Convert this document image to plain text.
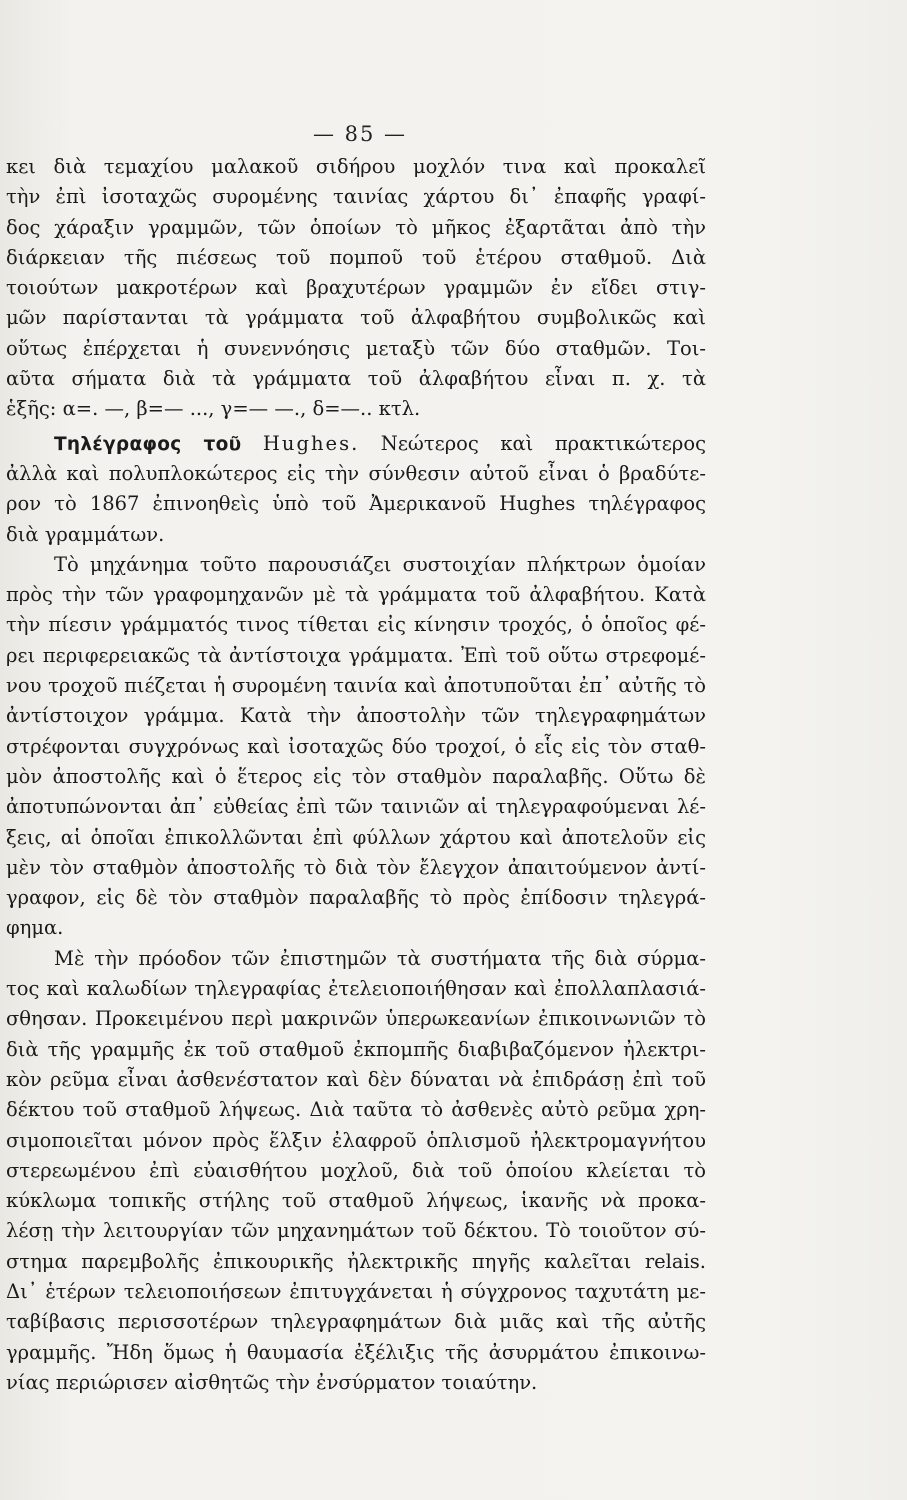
— 85 —
κει διὰ τεμαχίου μαλακοῦ σιδήρου μοχλόν τινα καὶ προκαλεῖ
τὴν ἐπὶ ἰσοταχῶς συρομένης ταινίας χάρτου δι᾽ ἐπαφῆς γραφί-
δος χάραξιν γραμμῶν, τῶν ὁποίων τὸ μῆκος ἐξαρτᾶται ἀπὸ τὴν
διάρκειαν τῆς πιέσεως τοῦ πομποῦ τοῦ ἑτέρου σταθμοῦ. Διὰ
τοιούτων μακροτέρων καὶ βραχυτέρων γραμμῶν ἐν εἴδει στιγ-
μῶν παρίστανται τὰ γράμματα τοῦ ἀλφαβήτου συμβολικῶς καὶ
οὕτως ἐπέρχεται ἡ συνεννόησις μεταξὺ τῶν δύο σταθμῶν. Τοι-
αῦτα σήματα διὰ τὰ γράμματα τοῦ ἀλφαβήτου εἶναι π. χ. τὰ
ἑξῆς: α=. —, β=— ..., γ=— —., δ=—.. κτλ.
Τηλέγραφος τοῦ Hughes. Νεώτερος καὶ πρακτικώτερος
ἀλλὰ καὶ πολυπλοκώτερος εἰς τὴν σύνθεσιν αὐτοῦ εἶναι ὁ βραδύτε-
ρον τὸ 1867 ἐπινοηθεὶς ὑπὸ τοῦ Ἀμερικανοῦ Hughes τηλέγραφος
διὰ γραμμάτων.
Τὸ μηχάνημα τοῦτο παρουσιάζει συστοιχίαν πλήκτρων ὁμοίαν
πρὸς τὴν τῶν γραφομηχανῶν μὲ τὰ γράμματα τοῦ ἀλφαβήτου. Κατὰ
τὴν πίεσιν γράμματός τινος τίθεται εἰς κίνησιν τροχός, ὁ ὁποῖος φέ-
ρει περιφερειακῶς τὰ ἀντίστοιχα γράμματα. Ἐπὶ τοῦ οὕτω στρεφομέ-
νου τροχοῦ πιέζεται ἡ συρομένη ταινία καὶ ἀποτυποῦται ἐπ᾽ αὐτῆς τὸ
ἀντίστοιχον γράμμα. Κατὰ τὴν ἀποστολὴν τῶν τηλεγραφημάτων
στρέφονται συγχρόνως καὶ ἰσοταχῶς δύο τροχοί, ὁ εἷς εἰς τὸν σταθ-
μὸν ἀποστολῆς καὶ ὁ ἕτερος εἰς τὸν σταθμὸν παραλαβῆς. Οὕτω δὲ
ἀποτυπώνονται ἀπ᾽ εὐθείας ἐπὶ τῶν ταινιῶν αἱ τηλεγραφούμεναι λέ-
ξεις, αἱ ὁποῖαι ἐπικολλῶνται ἐπὶ φύλλων χάρτου καὶ ἀποτελοῦν εἰς
μὲν τὸν σταθμὸν ἀποστολῆς τὸ διὰ τὸν ἔλεγχον ἀπαιτούμενον ἀντί-
γραφον, εἰς δὲ τὸν σταθμὸν παραλαβῆς τὸ πρὸς ἐπίδοσιν τηλεγρά-
φημα.
Μὲ τὴν πρόοδον τῶν ἐπιστημῶν τὰ συστήματα τῆς διὰ σύρμα-
τος καὶ καλωδίων τηλεγραφίας ἐτελειοποιήθησαν καὶ ἐπολλαπλασιά-
σθησαν. Προκειμένου περὶ μακρινῶν ὑπερωκεανίων ἐπικοινωνιῶν τὸ
διὰ τῆς γραμμῆς ἐκ τοῦ σταθμοῦ ἐκπομπῆς διαβιβαζόμενον ἠλεκτρι-
κὸν ρεῦμα εἶναι ἀσθενέστατον καὶ δὲν δύναται νὰ ἐπιδράσῃ ἐπὶ τοῦ
δέκτου τοῦ σταθμοῦ λήψεως. Διὰ ταῦτα τὸ ἀσθενὲς αὐτὸ ρεῦμα χρη-
σιμοποιεῖται μόνον πρὸς ἕλξιν ἐλαφροῦ ὁπλισμοῦ ἠλεκτρομαγνήτου
στερεωμένου ἐπὶ εὐαισθήτου μοχλοῦ, διὰ τοῦ ὁποίου κλείεται τὸ
κύκλωμα τοπικῆς στήλης τοῦ σταθμοῦ λήψεως, ἱκανῆς νὰ προκα-
λέσῃ τὴν λειτουργίαν τῶν μηχανημάτων τοῦ δέκτου. Τὸ τοιοῦτον σύ-
στημα παρεμβολῆς ἐπικουρικῆς ἠλεκτρικῆς πηγῆς καλεῖται relais.
Δι᾽ ἑτέρων τελειοποιήσεων ἐπιτυγχάνεται ἡ σύγχρονος ταχυτάτη με-
ταβίβασις περισσοτέρων τηλεγραφημάτων διὰ μιᾶς καὶ τῆς αὐτῆς
γραμμῆς. Ἤδη ὅμως ἡ θαυμασία ἐξέλιξις τῆς ἀσυρμάτου ἐπικοινω-
νίας περιώρισεν αἰσθητῶς τὴν ἐνσύρματον τοιαύτην.
